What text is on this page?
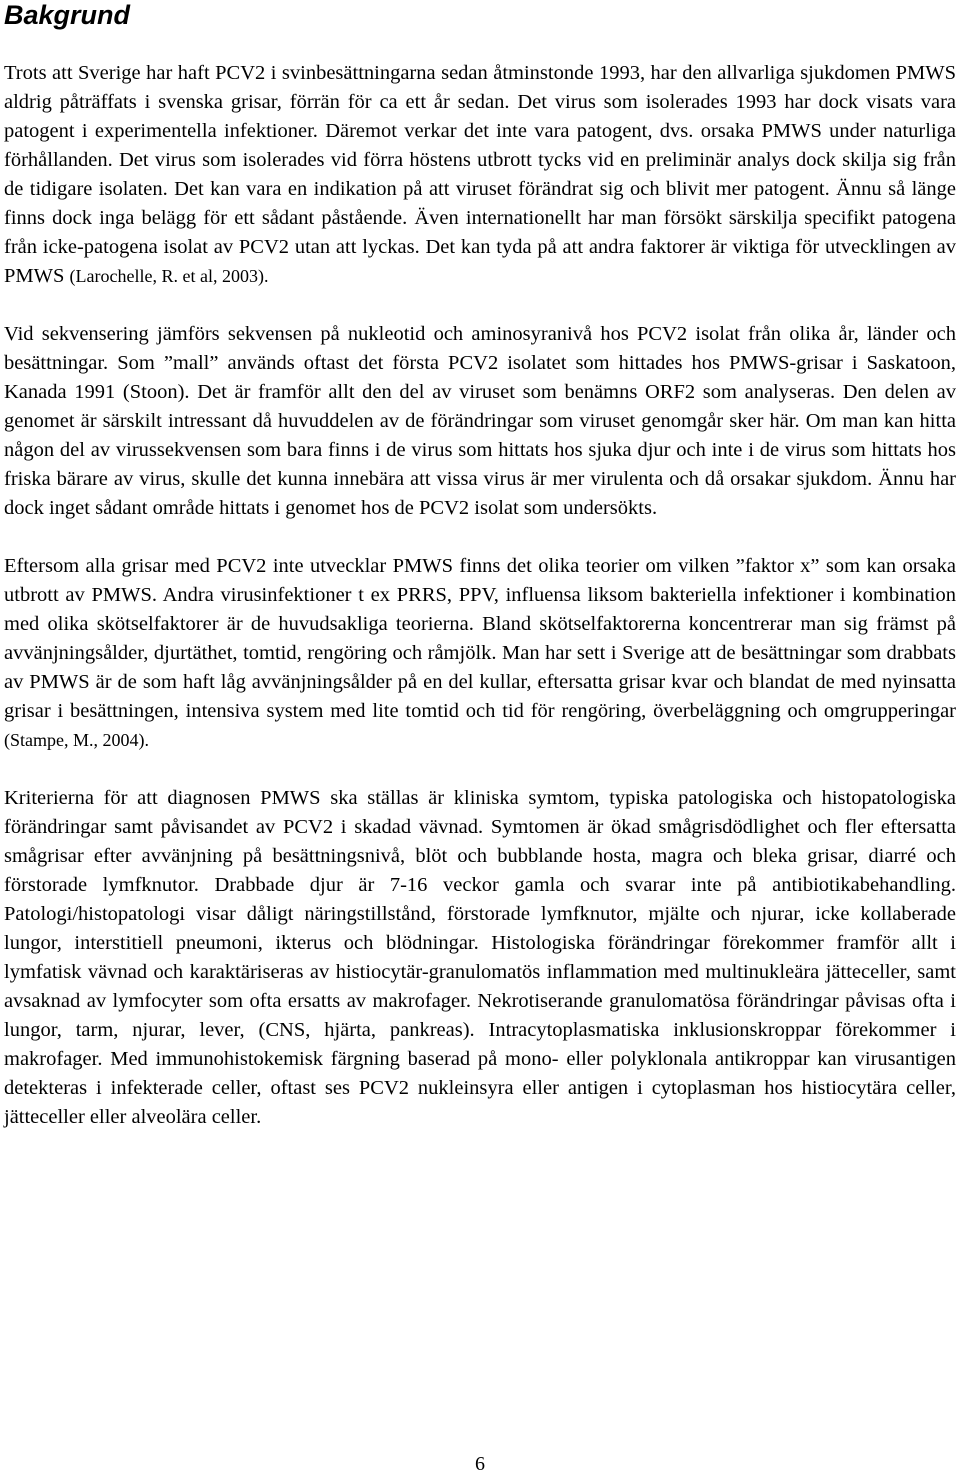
Bakgrund

Trots att Sverige har haft PCV2 i svinbesättningarna sedan åtminstonde 1993, har den allvarliga sjukdomen PMWS aldrig påträffats i svenska grisar, förrän för ca ett år sedan. Det virus som isolerades 1993 har dock visats vara patogent i experimentella infektioner. Däremot verkar det inte vara patogent, dvs. orsaka PMWS under naturliga förhållanden. Det virus som isolerades vid förra höstens utbrott tycks vid en preliminär analys dock skilja sig från de tidigare isolaten. Det kan vara en indikation på att viruset förändrat sig och blivit mer patogent. Ännu så länge finns dock inga belägg för ett sådant påstående. Även internationellt har man försökt särskilja specifikt patogena från icke-patogena isolat av PCV2 utan att lyckas. Det kan tyda på att andra faktorer är viktiga för utvecklingen av PMWS (Larochelle, R. et al, 2003).

Vid sekvensering jämförs sekvensen på nukleotid och aminosyranivå hos PCV2 isolat från olika år, länder och besättningar. Som ”mall” används oftast det första PCV2 isolatet som hittades hos PMWS-grisar i Saskatoon, Kanada 1991 (Stoon). Det är framför allt den del av viruset som benämns ORF2 som analyseras. Den delen av genomet är särskilt intressant då huvuddelen av de förändringar som viruset genomgår sker här. Om man kan hitta någon del av virussekvensen som bara finns i de virus som hittats hos sjuka djur och inte i de virus som hittats hos friska bärare av virus, skulle det kunna innebära att vissa virus är mer virulenta och då orsakar sjukdom. Ännu har dock inget sådant område hittats i genomet hos de PCV2 isolat som undersökts.

Eftersom alla grisar med PCV2 inte utvecklar PMWS finns det olika teorier om vilken ”faktor x” som kan orsaka utbrott av PMWS. Andra virusinfektioner t ex PRRS, PPV, influensa liksom bakteriella infektioner i kombination med olika skötselfaktorer är de huvudsakliga teorierna. Bland skötselfaktorerna koncentrerar man sig främst på avvänjningsålder, djurtäthet, tomtid, rengöring och råmjölk. Man har sett i Sverige att de besättningar som drabbats av PMWS är de som haft låg avvänjningsålder på en del kullar, eftersatta grisar kvar och blandat de med nyinsatta grisar i besättningen, intensiva system med lite tomtid och tid för rengöring, överbeläggning och omgrupperingar (Stampe, M., 2004).

Kriterierna för att diagnosen PMWS ska ställas är kliniska symtom, typiska patologiska och histopatologiska förändringar samt påvisandet av PCV2 i skadad vävnad. Symtomen är ökad smågrisdödlighet och fler eftersatta smågrisar efter avvänjning på besättningsnivå, blöt och bubblande hosta, magra och bleka grisar, diarré och förstorade lymfknutor. Drabbade djur är 7-16 veckor gamla och svarar inte på antibiotikabehandling. Patologi/histopatologi visar dåligt näringstillstånd, förstorade lymfknutor, mjälte och njurar, icke kollaberade lungor, interstitiell pneumoni, ikterus och blödningar. Histologiska förändringar förekommer framför allt i lymfatisk vävnad och karaktäriseras av histiocytär-granulomatös inflammation med multinukleära jätteceller, samt avsaknad av lymfocyter som ofta ersatts av makrofager. Nekrotiserande granulomatösa förändringar påvisas ofta i lungor, tarm, njurar, lever, (CNS, hjärta, pankreas). Intracytoplasmatiska inklusionskroppar förekommer i makrofager. Med immunohistokemisk färgning baserad på mono- eller polyklonala antikroppar kan virusantigen detekteras i infekterade celler, oftast ses PCV2 nukleinsyra eller antigen i cytoplasman hos histiocytära celler, jätteceller eller alveolära celler.

6
